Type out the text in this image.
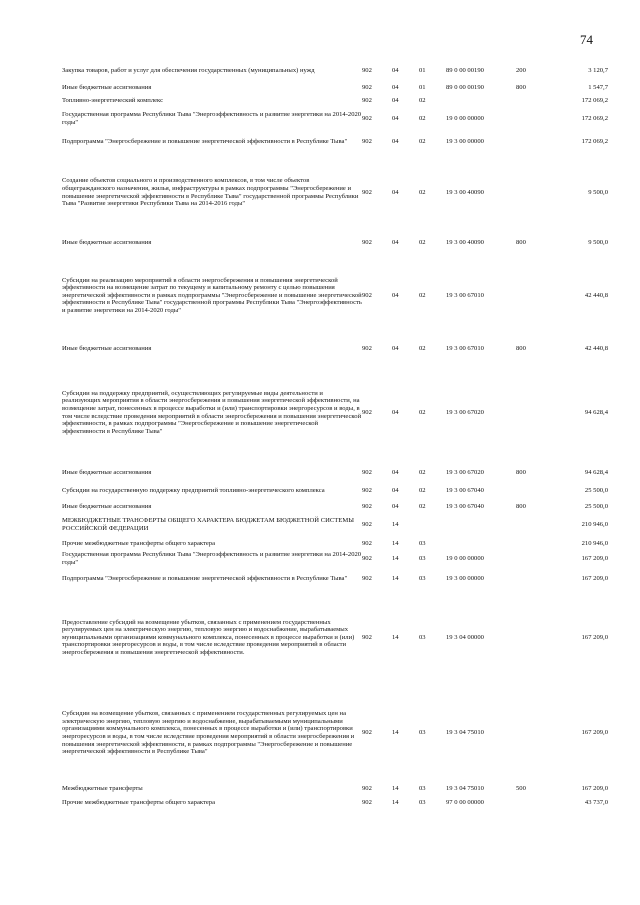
74
Закупка товаров, работ и услуг для обеспечения государственных (муниципальных) нужд	902	04	01	89 0 00 00190	200	3 120,7
Иные бюджетные ассигнования	902	04	01	89 0 00 00190	800	1 547,7
Топливно-энергетический комплекс	902	04	02			172 069,2
Государственная программа Республики Тыва "Энергоэффективность и развитие энергетики на 2014-2020 годы"	902	04	02	19 0 00 00000		172 069,2
Подпрограмма "Энергосбережение и повышение энергетической эффективности в Республике Тыва"	902	04	02	19 3 00 00000		172 069,2
Создание объектов социального и производственного комплексов, в том числе объектов общегражданского назначения, жилья, инфраструктуры в рамках подпрограммы "Энергосбережение и повышение энергетической эффективности в Республике Тыва" государственной программы Республики Тыва "Развитие энергетики Республики Тыва на 2014-2016 годы"	902	04	02	19 3 00 40090		9 500,0
Иные бюджетные ассигнования	902	04	02	19 3 00 40090	800	9 500,0
Субсидии на реализацию мероприятий в области энергосбережения и повышения энергетической эффективности на возмещение затрат по текущему и капитальному ремонту с целью повышения энергетической эффективности в рамках подпрограммы "Энергосбережение и повышение энергетической эффективности в Республике Тыва" государственной программы Республики Тыва "Энергоэффективность и развитие энергетики на 2014-2020 годы"	902	04	02	19 3 00 67010		42 440,8
Иные бюджетные ассигнования	902	04	02	19 3 00 67010	800	42 440,8
Субсидии на поддержку предприятий, осуществляющих регулируемые виды деятельности и реализующих мероприятия в области энергосбережения и повышения энергетической эффективности, на возмещение затрат, понесенных в процессе выработки и (или) транспортировки энергоресурсов и воды, в том числе вследствие проведения мероприятий в области энергосбережения и повышения энергетической эффективности, в рамках подпрограммы "Энергосбережение и повышение энергетической эффективности в Республике Тыва"	902	04	02	19 3 00 67020		94 628,4
Иные бюджетные ассигнования	902	04	02	19 3 00 67020	800	94 628,4
Субсидии на государственную поддержку предприятий топливно-энергетического комплекса	902	04	02	19 3 00 67040		25 500,0
Иные бюджетные ассигнования	902	04	02	19 3 00 67040	800	25 500,0
МЕЖБЮДЖЕТНЫЕ ТРАНСФЕРТЫ ОБЩЕГО ХАРАКТЕРА БЮДЖЕТАМ БЮДЖЕТНОЙ СИСТЕМЫ РОССИЙСКОЙ ФЕДЕРАЦИИ	902	14				210 946,0
Прочие межбюджетные трансферты общего характера	902	14	03			210 946,0
Государственная программа Республики Тыва "Энергоэффективность и развитие энергетики на 2014-2020 годы"	902	14	03	19 0 00 00000		167 209,0
Подпрограмма "Энергосбережение и повышение энергетической эффективности в Республике Тыва"	902	14	03	19 3 00 00000		167 209,0
Предоставление субсидий на возмещение убытков, связанных с применением государственных регулируемых цен на электрическую энергию, тепловую энергию и водоснабжение, вырабатываемых муниципальными организациями коммунального комплекса, понесенных в процессе выработки и (или) транспортировки энергоресурсов и воды, в том числе вследствие проведения мероприятий в области энергосбережения и повышения энергетической эффективности.	902	14	03	19 3 04 00000		167 209,0
Субсидии на возмещение убытков, связанных с применением государственных регулируемых цен на электрическую энергию, тепловую энергию и водоснабжение, вырабатываемыми муниципальными организациями коммунального комплекса, понесенных в процессе выработки и (или) транспортировки энергоресурсов и воды, в том числе вследствие проведения мероприятий в области энергосбережения и повышения энергетической эффективности, в рамках подпрограммы "Энергосбережение и повышение энергетической эффективности в Республике Тыва"	902	14	03	19 3 04 75010		167 209,0
Межбюджетные трансферты	902	14	03	19 3 04 75010	500	167 209,0
Прочие межбюджетные трансферты общего характера	902	14	03	97 0 00 00000		43 737,0
